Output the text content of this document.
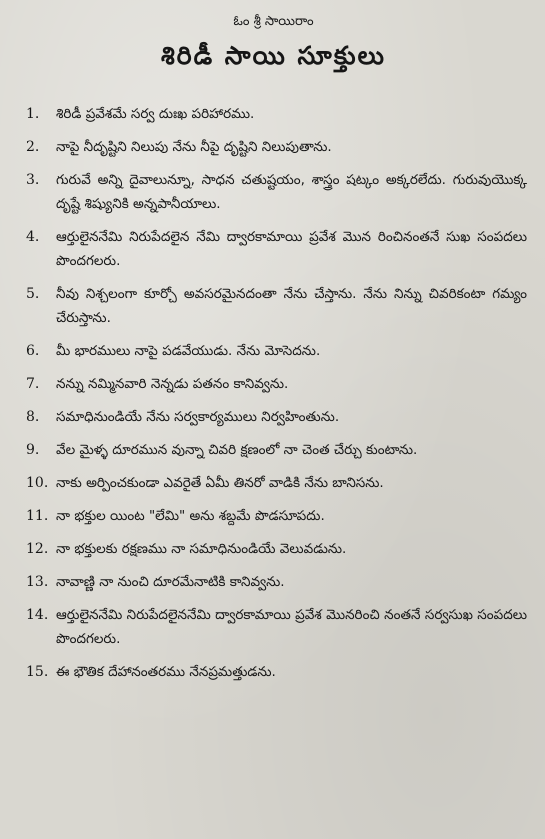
ఓం శ్రీ సాయిరాం
శిరిడీ సాయి సూక్తులు
1.	శిరిడీ ప్రవేశమే సర్వ దుఃఖ పరిహారము.
2.	నాపై నీదృష్టిని నిలుపు నేను నీపై దృష్టిని నిలుపుతాను.
3.	గురువే అన్ని దైవాలున్నూ, సాధన చతుష్టయం, శాస్త్రం షట్కం అక్కరలేదు. గురువుయొక్క దృష్టే శిష్యునికి అన్నపానీయాలు.
4.	ఆర్తులైననేమి నిరుపేదలైన నేమి ద్వారకామాయి ప్రవేశ మొన రించినంతనే సుఖ సంపదలు పొందగలరు.
5.	నీవు నిశ్చలంగా కూర్చో అవసరమైనదంతా నేను చేస్తాను. నేను నిన్ను చివరికంటా గమ్యం చేరుస్తాను.
6.	మీ భారములు నాపై పడవేయుడు. నేను మోసెదను.
7.	నన్ను నమ్మినవారి నెన్నడు పతనం కానివ్వను.
8.	సమాధినుండియే నేను సర్వకార్యములు నిర్వహింతును.
9.	వేల మైళ్ళ దూరమున వున్నా చివరి క్షణంలో నా చెంత చేర్చు కుంటాను.
10. నాకు అర్పించకుండా ఎవరైతే ఏమీ తినరో వాడికి నేను బానిసను.
11. నా భక్తుల యింట "లేమి" అను శబ్దమే పొడసూపదు.
12. నా భక్తులకు రక్షణము నా సమాధినుండియే వెలువడును.
13. నావాణ్ణి నా నుంచి దూరమేనాటికి కానివ్వను.
14. ఆర్తులైననేమి నిరుపేదలైననేమి ద్వారకామాయి ప్రవేశ మొనరించి నంతనే సర్వసుఖ సంపదలు పొందగలరు.
15. ఈ భౌతిక దేహానంతరము నేనప్రమత్తుడను.
